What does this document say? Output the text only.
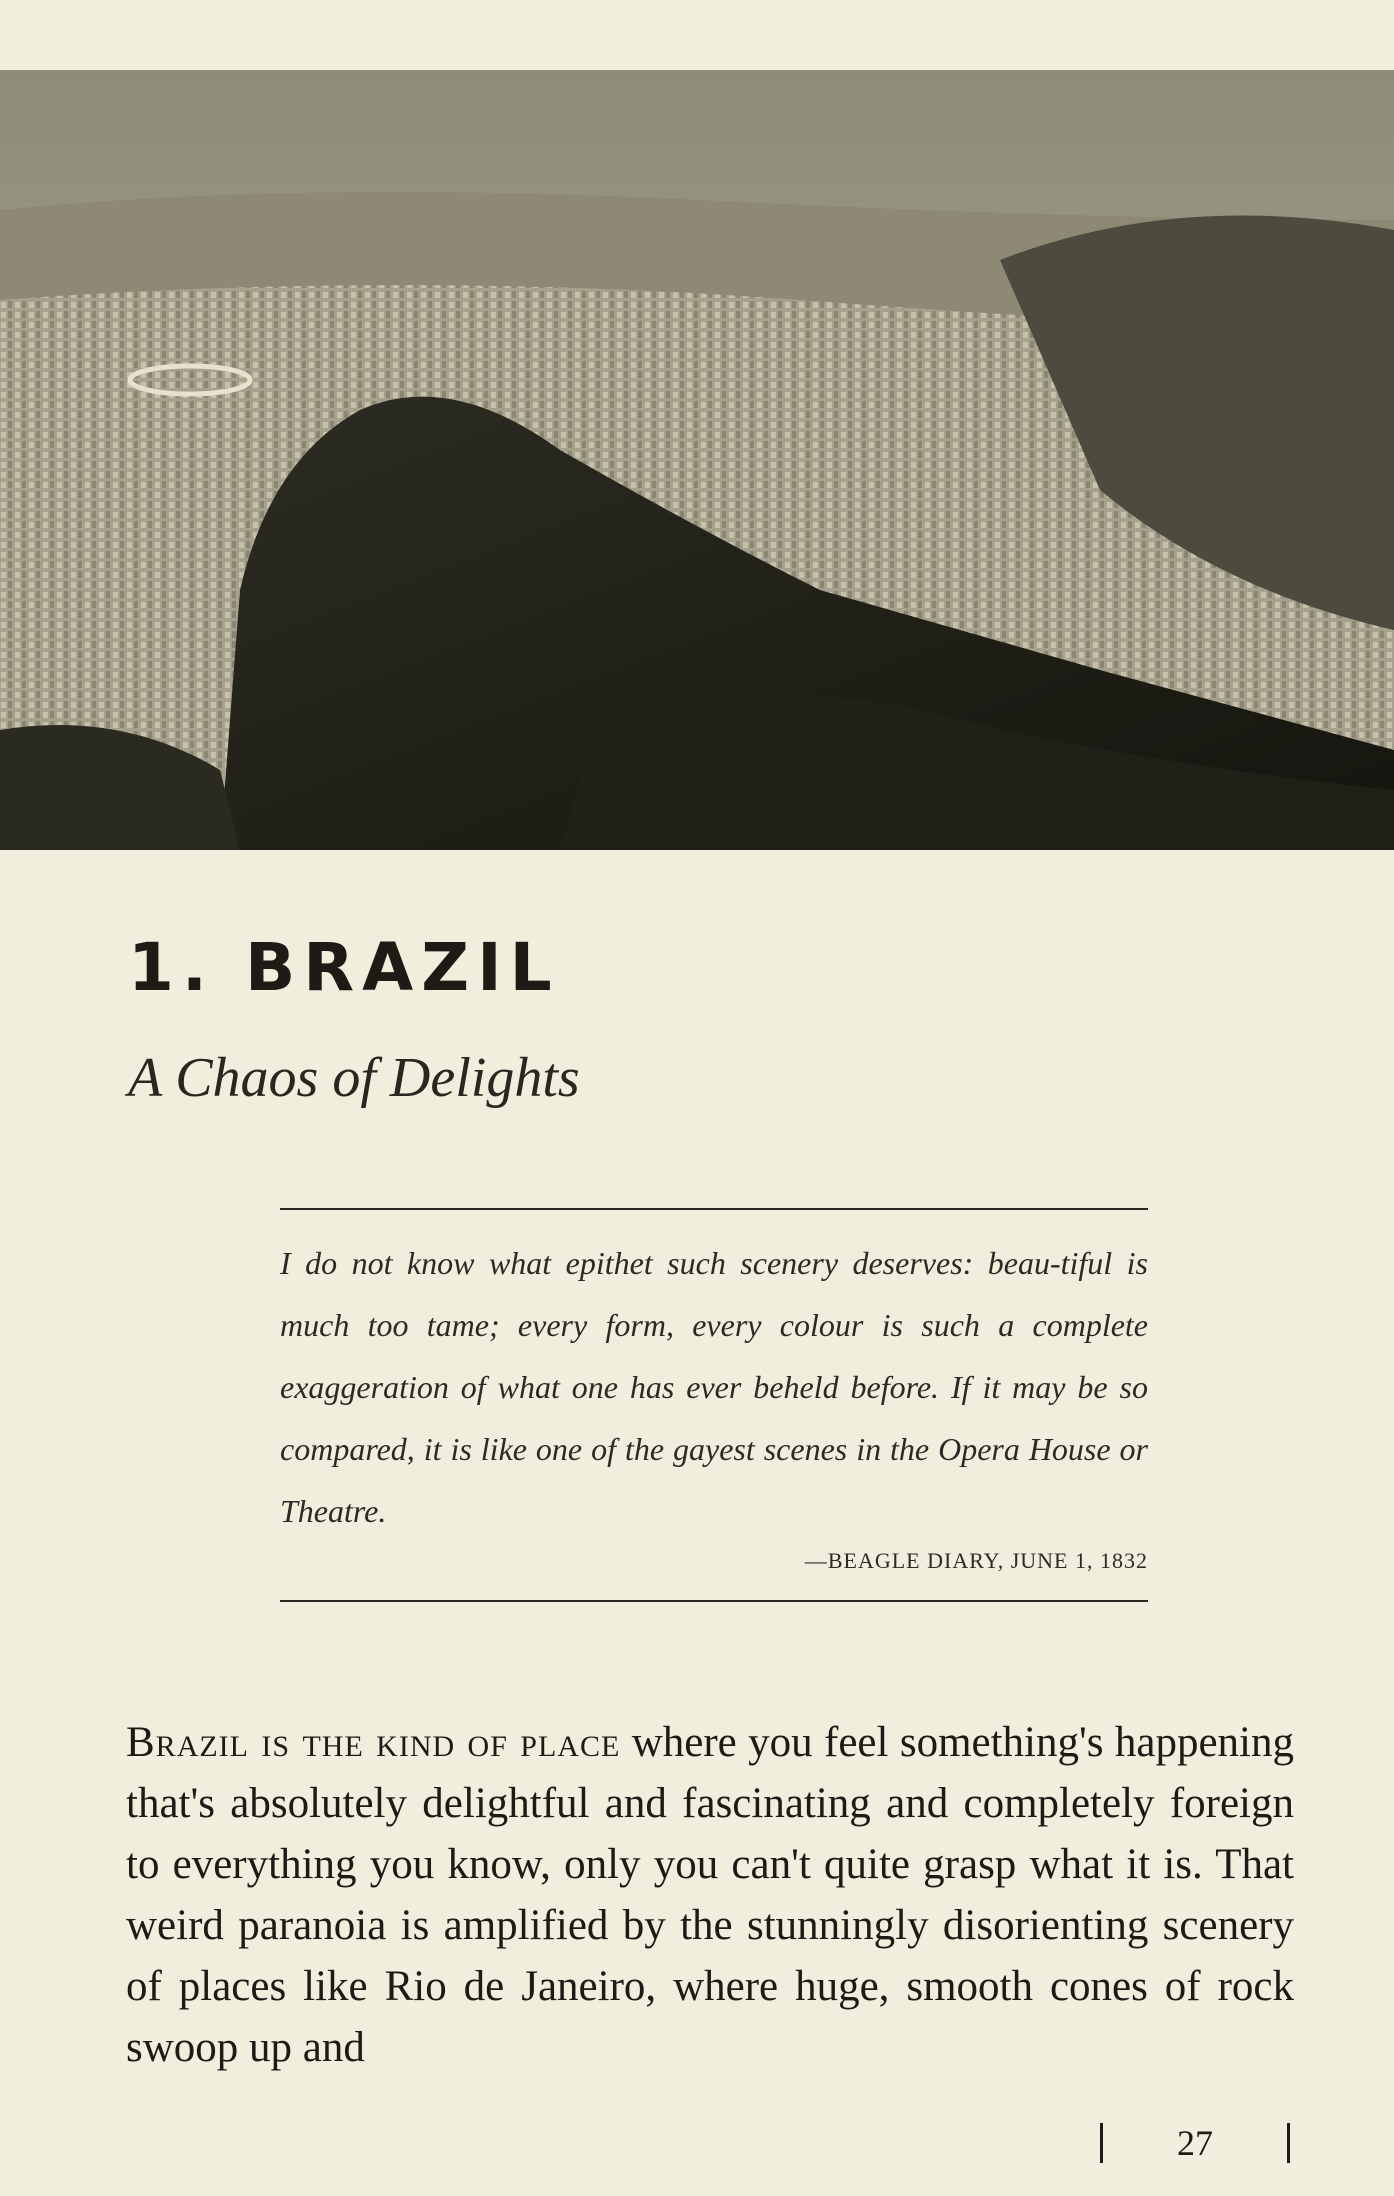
1. BRAZIL

A Chaos of Delights

I do not know what epithet such scenery deserves: beau-tiful is much too tame; every form, every colour is such a complete exaggeration of what one has ever beheld before. If it may be so compared, it is like one of the gayest scenes in the Opera House or Theatre.

—BEAGLE DIARY, JUNE 1, 1832

Brazil is the kind of place where you feel something's happening that's absolutely delightful and fascinating and completely foreign to everything you know, only you can't quite grasp what it is. That weird paranoia is amplified by the stunningly disorienting scenery of places like Rio de Janeiro, where huge, smooth cones of rock swoop up and

27
